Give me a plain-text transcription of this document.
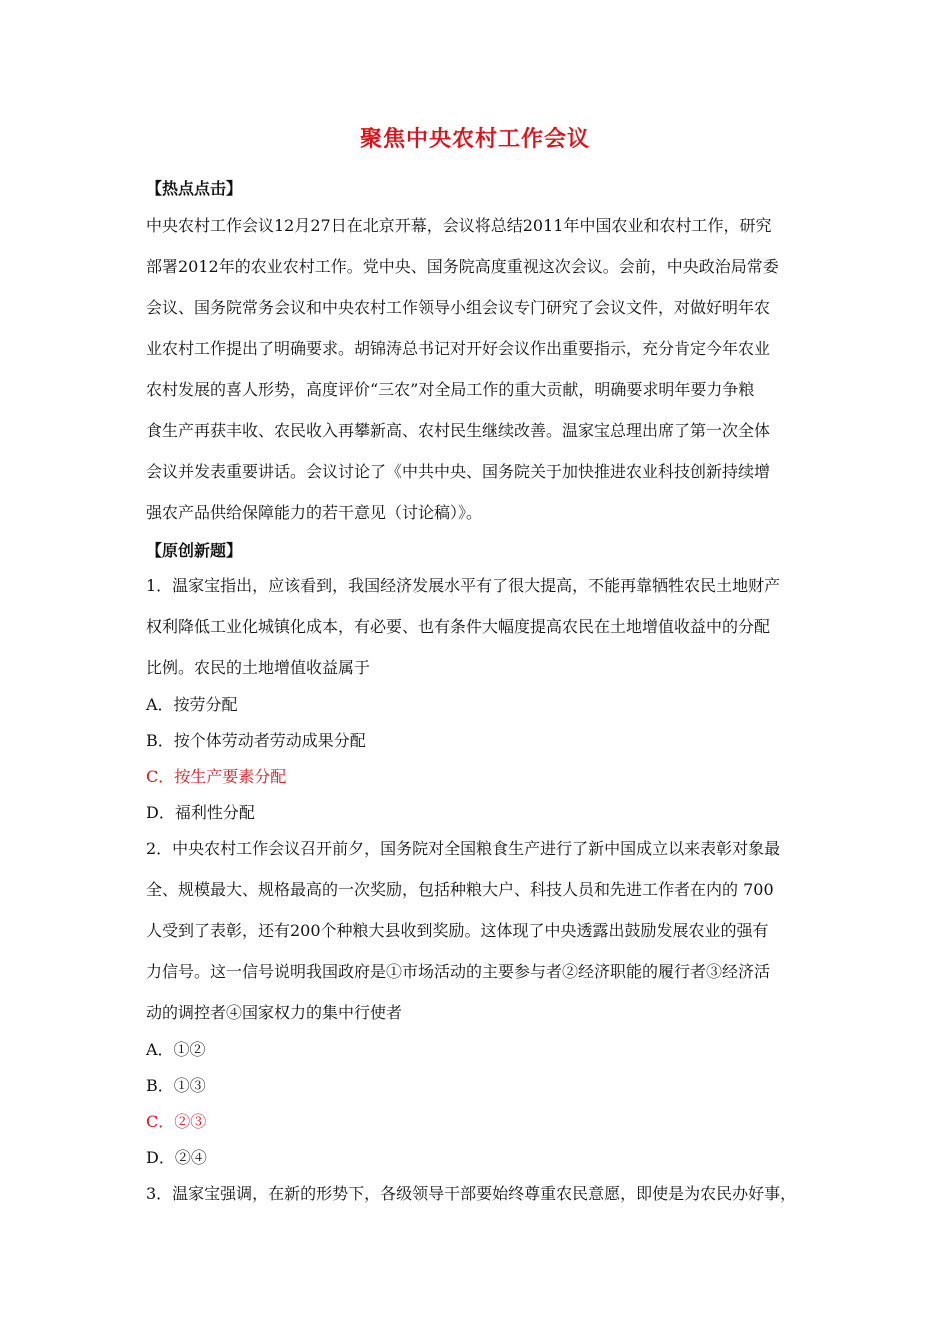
聚焦中央农村工作会议
【热点点击】
中央农村工作会议12月27日在北京开幕，会议将总结2011年中国农业和农村工作，研究
部署2012年的农业农村工作。党中央、国务院高度重视这次会议。会前，中央政治局常委
会议、国务院常务会议和中央农村工作领导小组会议专门研究了会议文件，对做好明年农
业农村工作提出了明确要求。胡锦涛总书记对开好会议作出重要指示，充分肯定今年农业
农村发展的喜人形势，高度评价“三农”对全局工作的重大贡献，明确要求明年要力争粮
食生产再获丰收、农民收入再攀新高、农村民生继续改善。温家宝总理出席了第一次全体
会议并发表重要讲话。会议讨论了《中共中央、国务院关于加快推进农业科技创新持续增
强农产品供给保障能力的若干意见（讨论稿）》。
【原创新题】
1．温家宝指出，应该看到，我国经济发展水平有了很大提高，不能再靠牺牲农民土地财产
权利降低工业化城镇化成本，有必要、也有条件大幅度提高农民在土地增值收益中的分配
比例。农民的土地增值收益属于
A．按劳分配
B．按个体劳动者劳动成果分配
C．按生产要素分配
D．福利性分配
2．中央农村工作会议召开前夕，国务院对全国粮食生产进行了新中国成立以来表彰对象最
全、规模最大、规格最高的一次奖励，包括种粮大户、科技人员和先进工作者在内的 700
人受到了表彰，还有200个种粮大县收到奖励。这体现了中央透露出鼓励发展农业的强有
力信号。这一信号说明我国政府是①市场活动的主要参与者②经济职能的履行者③经济活
动的调控者④国家权力的集中行使者
A．①②
B．①③
C．②③
D．②④
3．温家宝强调，在新的形势下，各级领导干部要始终尊重农民意愿，即使是为农民办好事，
